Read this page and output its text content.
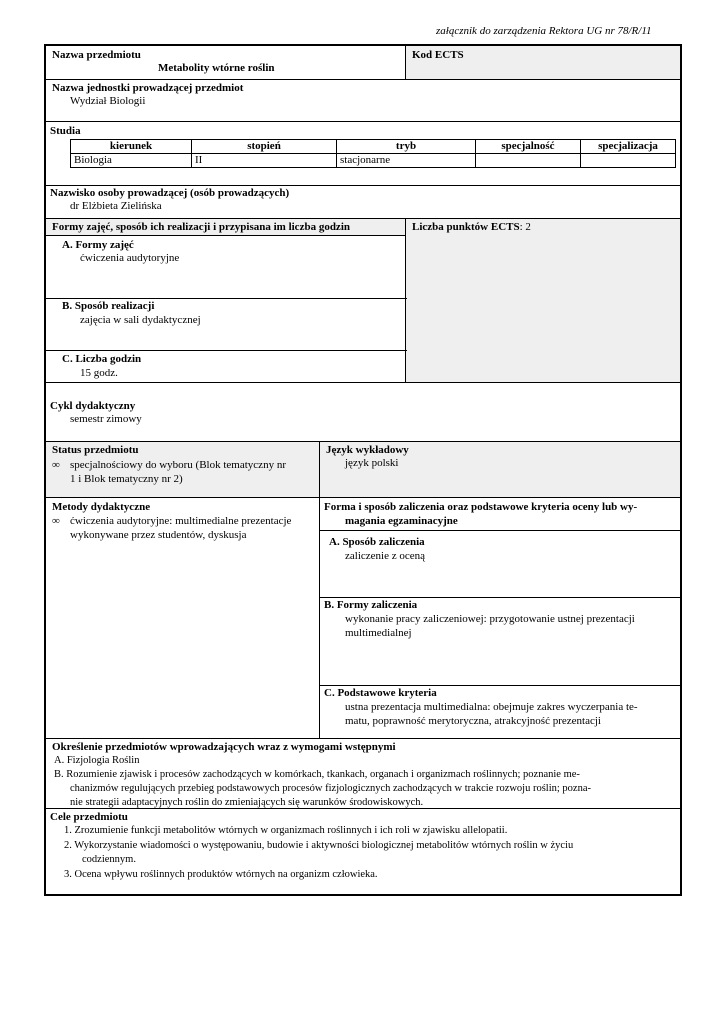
załącznik do zarządzenia Rektora UG nr 78/R/11
Nazwa przedmiotu
Metabolity wtórne roślin
Kod ECTS
Nazwa jednostki prowadzącej przedmiot
Wydział Biologii
Studia
kierunek	stopień	tryb	specjalność	specjalizacja
Biologia	II	stacjonarne		
Nazwisko osoby prowadzącej (osób prowadzących)
dr Elżbieta Zielińska
Formy zajęć, sposób ich realizacji i przypisana im liczba godzin	Liczba punktów ECTS: 2
A. Formy zajęć
ćwiczenia audytoryjne
B. Sposób realizacji
zajęcia w sali dydaktycznej
C. Liczba godzin
15 godz.
Cykl dydaktyczny
semestr zimowy
Status przedmiotu
∞ specjalnościowy do wyboru (Blok tematyczny nr
1 i Blok tematyczny nr 2)
Język wykładowy
język polski
Metody dydaktyczne
∞ ćwiczenia audytoryjne: multimedialne prezentacje
wykonywane przez studentów, dyskusja
Forma i sposób zaliczenia oraz podstawowe kryteria oceny lub wy-
magania egzaminacyjne
A. Sposób zaliczenia
zaliczenie z oceną
B. Formy zaliczenia
wykonanie pracy zaliczeniowej: przygotowanie ustnej prezentacji
multimedialnej
C. Podstawowe kryteria
ustna prezentacja multimedialna: obejmuje zakres wyczerpania te-
matu, poprawność merytoryczna, atrakcyjność prezentacji
Określenie przedmiotów wprowadzających wraz z wymogami wstępnymi
A. Fizjologia Roślin
B. Rozumienie zjawisk i procesów zachodzących w komórkach, tkankach, organach i organizmach roślinnych; poznanie me-
chanizmów regulujących przebieg podstawowych procesów fizjologicznych zachodzących w trakcie rozwoju roślin; pozna-
nie strategii adaptacyjnych roślin do zmieniających się warunków środowiskowych.
Cele przedmiotu
1. Zrozumienie funkcji metabolitów wtórnych w organizmach roślinnych i ich roli w zjawisku allelopatii.
2. Wykorzystanie wiadomości o występowaniu, budowie i aktywności biologicznej metabolitów wtórnych roślin w życiu
codziennym.
3. Ocena wpływu roślinnych produktów wtórnych na organizm człowieka.
